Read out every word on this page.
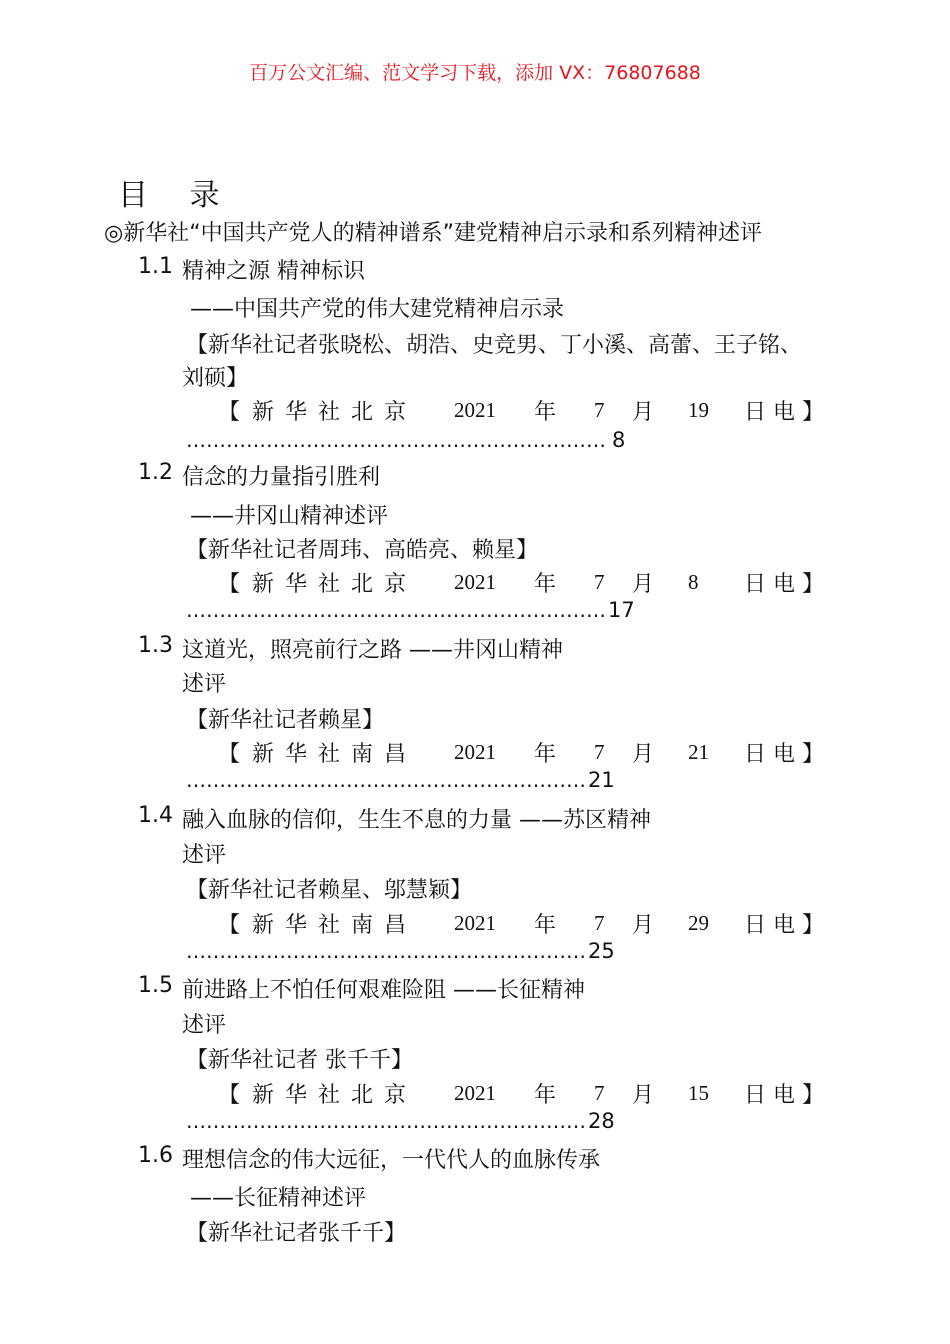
百万公文汇编、范文学习下载，添加 VX：76807688
目 录
◎新华社“中国共产党人的精神谱系”建党精神启示录和系列精神述评
1.1 精神之源 精神标识
——中国共产党的伟大建党精神启示录
【新华社记者张晓松、胡浩、史竞男、丁小溪、高蕾、王子铭、
刘硕】
【 新 华 社 北 京	2021	年	7	月	19	日 电 】
……………………………………………………… 8
1.2 信念的力量指引胜利
——井冈山精神述评
【新华社记者周玮、高皓亮、赖星】
【 新 华 社 北 京	2021	年	7	月	8	日 电 】
………………………………………………………17
1.3 这道光，照亮前行之路 ——井冈山精神
述评
【新华社记者赖星】
【 新 华 社 南 昌	2021	年	7	月	21	日 电 】
……………………………………………………21
1.4 融入血脉的信仰，生生不息的力量 ——苏区精神
述评
【新华社记者赖星、邬慧颖】
【 新 华 社 南 昌	2021	年	7	月	29	日 电 】
……………………………………………………25
1.5 前进路上不怕任何艰难险阻 ——长征精神
述评
【新华社记者 张千千】
【 新 华 社 北 京	2021	年	7	月	15	日 电 】
……………………………………………………28
1.6 理想信念的伟大远征，一代代人的血脉传承
——长征精神述评
【新华社记者张千千】
